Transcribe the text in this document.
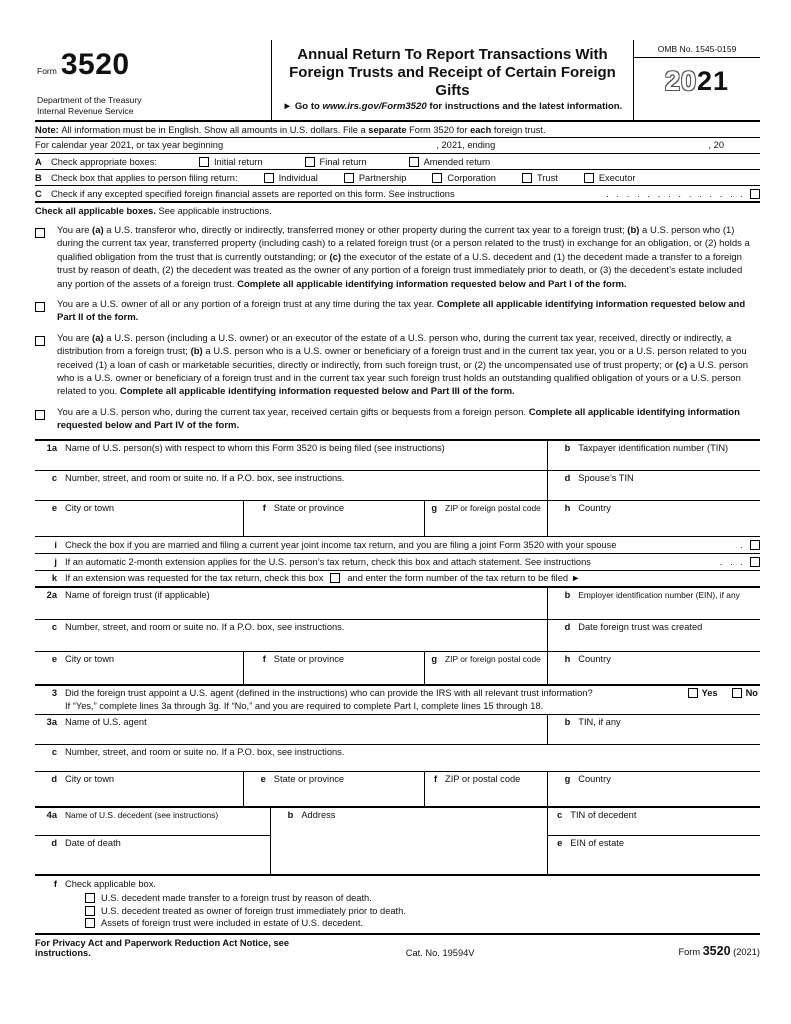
Form 3520
Department of the Treasury
Internal Revenue Service
Annual Return To Report Transactions With
Foreign Trusts and Receipt of Certain Foreign Gifts
► Go to www.irs.gov/Form3520 for instructions and the latest information.
OMB No. 1545-0159
2021
Note: All information must be in English. Show all amounts in U.S. dollars. File a separate Form 3520 for each foreign trust.
For calendar year 2021, or tax year beginning	, 2021, ending	, 20
A Check appropriate boxes:	Initial return	Final return	Amended return
B Check box that applies to person filing return:	Individual	Partnership	Corporation	Trust	Executor
C Check if any excepted specified foreign financial assets are reported on this form. See instructions	.   .   .   .   .   .   .   .   .   .   .   .   .   .
Check all applicable boxes. See applicable instructions.
You are (a) a U.S. transferor who, directly or indirectly, transferred money or other property during the current tax year to a foreign trust; (b) a U.S. person who (1) during the current tax year, transferred property (including cash) to a related foreign trust (or a person related to the trust) in exchange for an obligation, or (2) holds a qualified obligation from the trust that is currently outstanding; or (c) the executor of the estate of a U.S. decedent and (1) the decedent made a transfer to a foreign trust by reason of death, (2) the decedent was treated as the owner of any portion of a foreign trust immediately prior to death, or (3) the decedent’s estate included any portion of the assets of a foreign trust. Complete all applicable identifying information requested below and Part I of the form.
You are a U.S. owner of all or any portion of a foreign trust at any time during the tax year. Complete all applicable identifying information requested below and Part II of the form.
You are (a) a U.S. person (including a U.S. owner) or an executor of the estate of a U.S. person who, during the current tax year, received, directly or indirectly, a distribution from a foreign trust; (b) a U.S. person who is a U.S. owner or beneficiary of a foreign trust and in the current tax year, you or a U.S. person related to you received (1) a loan of cash or marketable securities, directly or indirectly, from such foreign trust, or (2) the uncompensated use of trust property; or (c) a U.S. person who is a U.S. owner or beneficiary of a foreign trust and in the current tax year such foreign trust holds an outstanding qualified obligation of yours or a U.S. person related to you. Complete all applicable identifying information requested below and Part III of the form.
You are a U.S. person who, during the current tax year, received certain gifts or bequests from a foreign person. Complete all applicable identifying information requested below and Part IV of the form.
1a Name of U.S. person(s) with respect to whom this Form 3520 is being filed (see instructions)	b Taxpayer identification number (TIN)
c Number, street, and room or suite no. If a P.O. box, see instructions.	d Spouse’s TIN
e City or town	f State or province	g ZIP or foreign postal code	h Country
i Check the box if you are married and filing a current year joint income tax return, and you are filing a joint Form 3520 with your spouse	.
j If an automatic 2-month extension applies for the U.S. person’s tax return, check this box and attach statement. See instructions	.   .   .
k If an extension was requested for the tax return, check this box	and enter the form number of the tax return to be filed ►
2a Name of foreign trust (if applicable)	b Employer identification number (EIN), if any
c Number, street, and room or suite no. If a P.O. box, see instructions.	d Date foreign trust was created
e City or town	f State or province	g ZIP or foreign postal code	h Country
3 Did the foreign trust appoint a U.S. agent (defined in the instructions) who can provide the IRS with all relevant trust information?	Yes	No
If “Yes,” complete lines 3a through 3g. If “No,” and you are required to complete Part I, complete lines 15 through 18.
3a Name of U.S. agent	b TIN, if any
c Number, street, and room or suite no. If a P.O. box, see instructions.
d City or town	e State or province	f ZIP or postal code	g Country
4a Name of U.S. decedent (see instructions)
d Date of death
b Address	c TIN of decedent
e EIN of estate
f Check applicable box.
U.S. decedent made transfer to a foreign trust by reason of death.
U.S. decedent treated as owner of foreign trust immediately prior to death.
Assets of foreign trust were included in estate of U.S. decedent.
For Privacy Act and Paperwork Reduction Act Notice, see instructions.	Cat. No. 19594V	Form 3520 (2021)
